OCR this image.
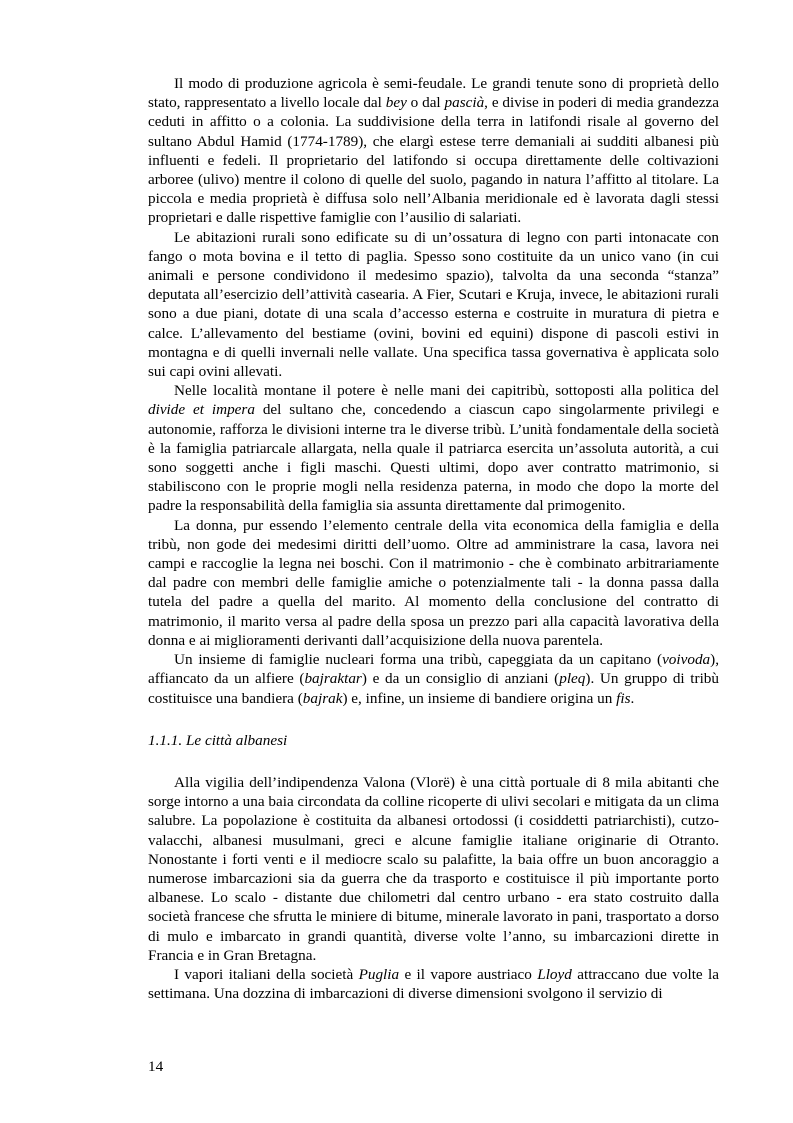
Il modo di produzione agricola è semi-feudale. Le grandi tenute sono di proprietà dello stato, rappresentato a livello locale dal bey o dal pascià, e divise in poderi di media grandezza ceduti in affitto o a colonia. La suddivisione della terra in latifondi risale al governo del sultano Abdul Hamid (1774-1789), che elargì estese terre demaniali ai sudditi albanesi più influenti e fedeli. Il proprietario del latifondo si occupa direttamente delle coltivazioni arboree (ulivo) mentre il colono di quelle del suolo, pagando in natura l’affitto al titolare. La piccola e media proprietà è diffusa solo nell’Albania meridionale ed è lavorata dagli stessi proprietari e dalle rispettive famiglie con l’ausilio di salariati.

Le abitazioni rurali sono edificate su di un’ossatura di legno con parti intonacate con fango o mota bovina e il tetto di paglia. Spesso sono costituite da un unico vano (in cui animali e persone condividono il medesimo spazio), talvolta da una seconda “stanza” deputata all’esercizio dell’attività casearia. A Fier, Scutari e Kruja, invece, le abitazioni rurali sono a due piani, dotate di una scala d’accesso esterna e costruite in muratura di pietra e calce. L’allevamento del bestiame (ovini, bovini ed equini) dispone di pascoli estivi in montagna e di quelli invernali nelle vallate. Una specifica tassa governativa è applicata solo sui capi ovini allevati.

Nelle località montane il potere è nelle mani dei capitribù, sottoposti alla politica del divide et impera del sultano che, concedendo a ciascun capo singolarmente privilegi e autonomie, rafforza le divisioni interne tra le diverse tribù. L’unità fondamentale della società è la famiglia patriarcale allargata, nella quale il patriarca esercita un’assoluta autorità, a cui sono soggetti anche i figli maschi. Questi ultimi, dopo aver contratto matrimonio, si stabiliscono con le proprie mogli nella residenza paterna, in modo che dopo la morte del padre la responsabilità della famiglia sia assunta direttamente dal primogenito.

La donna, pur essendo l’elemento centrale della vita economica della famiglia e della tribù, non gode dei medesimi diritti dell’uomo. Oltre ad amministrare la casa, lavora nei campi e raccoglie la legna nei boschi. Con il matrimonio - che è combinato arbitrariamente dal padre con membri delle famiglie amiche o potenzialmente tali - la donna passa dalla tutela del padre a quella del marito. Al momento della conclusione del contratto di matrimonio, il marito versa al padre della sposa un prezzo pari alla capacità lavorativa della donna e ai miglioramenti derivanti dall’acquisizione della nuova parentela.

Un insieme di famiglie nucleari forma una tribù, capeggiata da un capitano (voivoda), affiancato da un alfiere (bajraktar) e da un consiglio di anziani (pleq). Un gruppo di tribù costituisce una bandiera (bajrak) e, infine, un insieme di bandiere origina un fis.

1.1.1. Le città albanesi

Alla vigilia dell’indipendenza Valona (Vlorë) è una città portuale di 8 mila abitanti che sorge intorno a una baia circondata da colline ricoperte di ulivi secolari e mitigata da un clima salubre. La popolazione è costituita da albanesi ortodossi (i cosiddetti patriarchisti), cutzo-valacchi, albanesi musulmani, greci e alcune famiglie italiane originarie di Otranto. Nonostante i forti venti e il mediocre scalo su palafitte, la baia offre un buon ancoraggio a numerose imbarcazioni sia da guerra che da trasporto e costituisce il più importante porto albanese. Lo scalo - distante due chilometri dal centro urbano - era stato costruito dalla società francese che sfrutta le miniere di bitume, minerale lavorato in pani, trasportato a dorso di mulo e imbarcato in grandi quantità, diverse volte l’anno, su imbarcazioni dirette in Francia e in Gran Bretagna.

I vapori italiani della società Puglia e il vapore austriaco Lloyd attraccano due volte la settimana. Una dozzina di imbarcazioni di diverse dimensioni svolgono il servizio di

14
